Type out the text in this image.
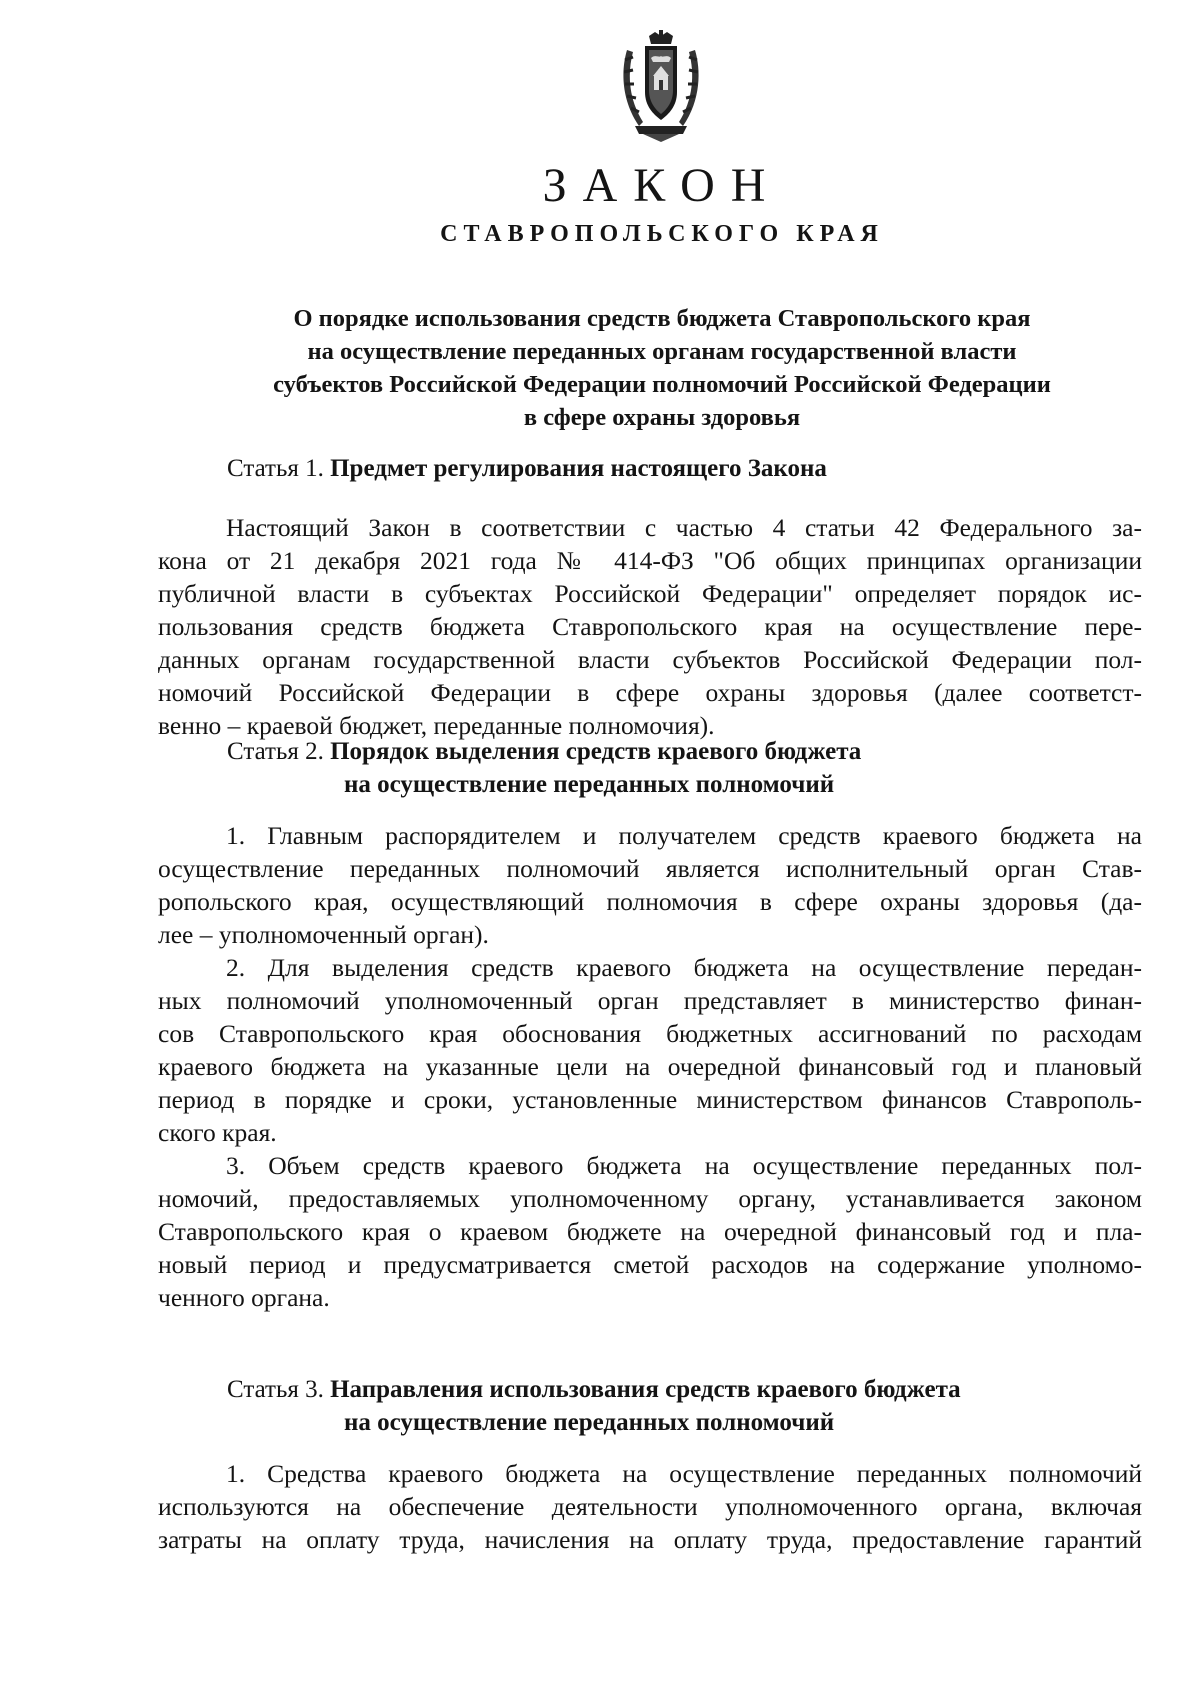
ЗАКОН
СТАВРОПОЛЬСКОГО КРАЯ
О порядке использования средств бюджета Ставропольского края
на осуществление переданных органам государственной власти
субъектов Российской Федерации полномочий Российской Федерации
в сфере охраны здоровья
Статья 1. Предмет регулирования настоящего Закона
Настоящий Закон в соответствии с частью 4 статьи 42 Федерального за-
кона от 21 декабря 2021 года № 414-ФЗ "Об общих принципах организации
публичной власти в субъектах Российской Федерации" определяет порядок ис-
пользования средств бюджета Ставропольского края на осуществление пере-
данных органам государственной власти субъектов Российской Федерации пол-
номочий Российской Федерации в сфере охраны здоровья (далее соответст-
венно – краевой бюджет, переданные полномочия).
Статья 2. Порядок выделения средств краевого бюджета
на осуществление переданных полномочий
1. Главным распорядителем и получателем средств краевого бюджета на
осуществление переданных полномочий является исполнительный орган Став-
ропольского края, осуществляющий полномочия в сфере охраны здоровья (да-
лее – уполномоченный орган).
2. Для выделения средств краевого бюджета на осуществление передан-
ных полномочий уполномоченный орган представляет в министерство финан-
сов Ставропольского края обоснования бюджетных ассигнований по расходам
краевого бюджета на указанные цели на очередной финансовый год и плановый
период в порядке и сроки, установленные министерством финансов Ставрополь-
ского края.
3. Объем средств краевого бюджета на осуществление переданных пол-
номочий, предоставляемых уполномоченному органу, устанавливается законом
Ставропольского края о краевом бюджете на очередной финансовый год и пла-
новый период и предусматривается сметой расходов на содержание уполномо-
ченного органа.
Статья 3. Направления использования средств краевого бюджета
на осуществление переданных полномочий
1. Средства краевого бюджета на осуществление переданных полномочий
используются на обеспечение деятельности уполномоченного органа, включая
затраты на оплату труда, начисления на оплату труда, предоставление гарантий
